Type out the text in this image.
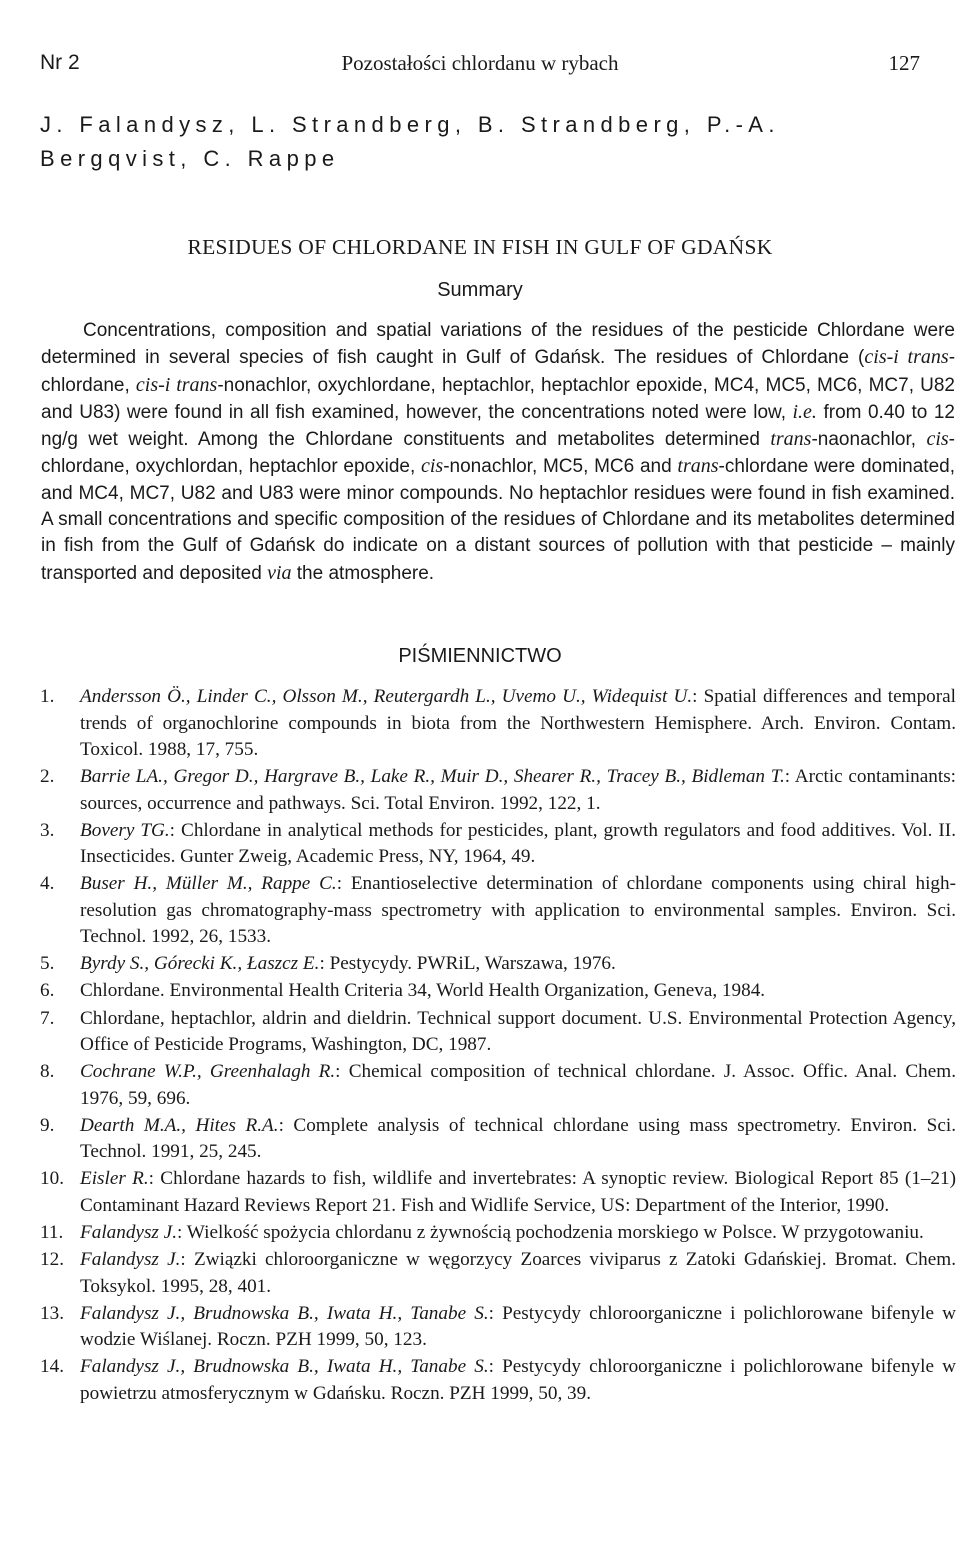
Nr 2	Pozostałości chlordanu w rybach	127
J. Falandysz, L. Strandberg, B. Strandberg, P.-A. Bergqvist, C. Rappe
RESIDUES OF CHLORDANE IN FISH IN GULF OF GDAŃSK
Summary

Concentrations, composition and spatial variations of the residues of the pesticide Chlordane were determined in several species of fish caught in Gulf of Gdańsk. The residues of Chlordane (cis-i trans-chlordane, cis-i trans-nonachlor, oxychlordane, heptachlor, heptachlor epoxide, MC4, MC5, MC6, MC7, U82 and U83) were found in all fish examined, however, the concentrations noted were low, i.e. from 0.40 to 12 ng/g wet weight. Among the Chlordane constituents and metabolites determined trans-naonachlor, cis-chlordane, oxychlordan, heptachlor epoxide, cis-nonachlor, MC5, MC6 and trans-chlordane were dominated, and MC4, MC7, U82 and U83 were minor compounds. No heptachlor residues were found in fish examined. A small concentrations and specific composition of the residues of Chlordane and its metabolites determined in fish from the Gulf of Gdańsk do indicate on a distant sources of pollution with that pesticide – mainly transported and deposited via the atmosphere.

PIŚMIENNICTWO
1.	Andersson Ö., Linder C., Olsson M., Reutergardh L., Uvemo U., Widequist U.: Spatial differences and temporal trends of organochlorine compounds in biota from the Northwestern Hemisphere. Arch. Environ. Contam. Toxicol. 1988, 17, 755.
2.	Barrie LA., Gregor D., Hargrave B., Lake R., Muir D., Shearer R., Tracey B., Bidleman T.: Arctic contaminants: sources, occurrence and pathways. Sci. Total Environ. 1992, 122, 1.
3.	Bovery TG.: Chlordane in analytical methods for pesticides, plant, growth regulators and food additives. Vol. II. Insecticides. Gunter Zweig, Academic Press, NY, 1964, 49.
4.	Buser H., Müller M., Rappe C.: Enantioselective determination of chlordane components using chiral high-resolution gas chromatography-mass spectrometry with application to environmental samples. Environ. Sci. Technol. 1992, 26, 1533.
5.	Byrdy S., Górecki K., Łaszcz E.: Pestycydy. PWRiL, Warszawa, 1976.
6.	Chlordane. Environmental Health Criteria 34, World Health Organization, Geneva, 1984.
7.	Chlordane, heptachlor, aldrin and dieldrin. Technical support document. U.S. Environmental Protection Agency, Office of Pesticide Programs, Washington, DC, 1987.
8.	Cochrane W.P., Greenhalagh R.: Chemical composition of technical chlordane. J. Assoc. Offic. Anal. Chem. 1976, 59, 696.
9.	Dearth M.A., Hites R.A.: Complete analysis of technical chlordane using mass spectrometry. Environ. Sci. Technol. 1991, 25, 245.
10. Eisler R.: Chlordane hazards to fish, wildlife and invertebrates: A synoptic review. Biological Report 85 (1–21) Contaminant Hazard Reviews Report 21. Fish and Widlife Service, US: Department of the Interior, 1990.
11. Falandysz J.: Wielkość spożycia chlordanu z żywnością pochodzenia morskiego w Polsce. W przygotowaniu.
12. Falandysz J.: Związki chloroorganiczne w węgorzycy Zoarces viviparus z Zatoki Gdańskiej. Bromat. Chem. Toksykol. 1995, 28, 401.
13. Falandysz J., Brudnowska B., Iwata H., Tanabe S.: Pestycydy chloroorganiczne i polichlorowane bifenyle w wodzie Wiślanej. Roczn. PZH 1999, 50, 123.
14. Falandysz J., Brudnowska B., Iwata H., Tanabe S.: Pestycydy chloroorganiczne i polichlorowane bifenyle w powietrzu atmosferycznym w Gdańsku. Roczn. PZH 1999, 50, 39.
